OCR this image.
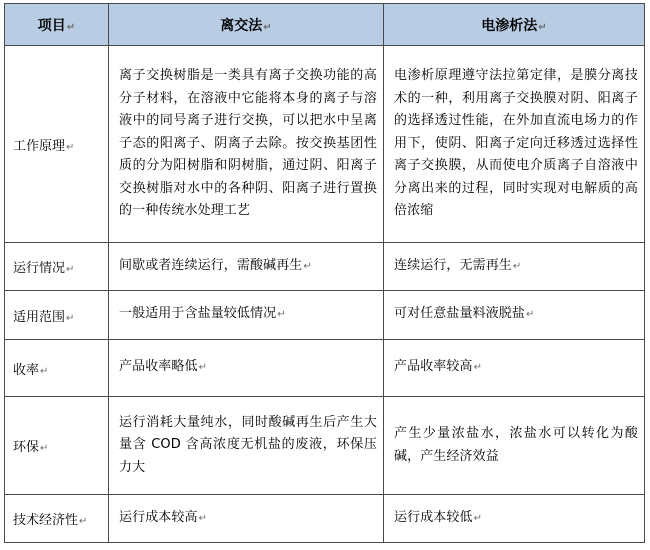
项目↵	离交法↵	电渗析法↵
工作原理↵	离子交换树脂是一类具有离子交换功能的高分子材料，在溶液中它能将本身的离子与溶液中的同号离子进行交换，可以把水中呈离子态的阳离子、阴离子去除。按交换基团性质的分为阳树脂和阴树脂，通过阴、阳离子交换树脂对水中的各种阴、阳离子进行置换的一种传统水处理工艺	电渗析原理遵守法拉第定律，是膜分离技术的一种，利用离子交换膜对阴、阳离子的选择透过性能，在外加直流电场力的作用下，使阴、阳离子定向迁移透过选择性离子交换膜，从而使电介质离子自溶液中分离出来的过程，同时实现对电解质的高倍浓缩

运行情况↵	间歇或者连续运行，需酸碱再生↵	连续运行，无需再生↵
适用范围↵	一般适用于含盐量较低情况↵	可对任意盐量料液脱盐↵
收率↵	产品收率略低↵	产品收率较高↵
环保↵	运行消耗大量纯水，同时酸碱再生后产生大量含 COD 含高浓度无机盐的废液，环保压力大	产生少量浓盐水，浓盐水可以转化为酸碱，产生经济效益

技术经济性↵	运行成本较高↵	运行成本较低↵
